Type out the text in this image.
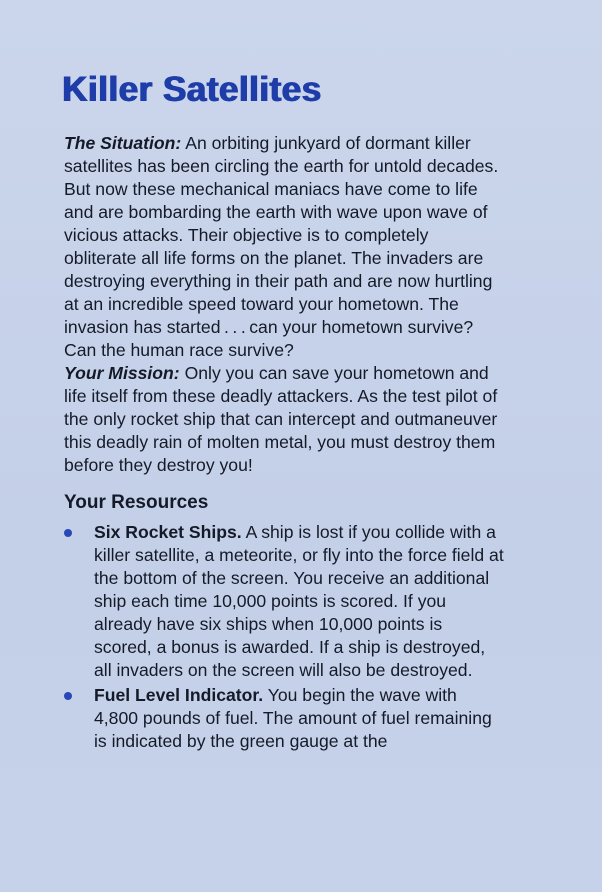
Killer Satellites

The Situation: An orbiting junkyard of dormant killer satellites has been circling the earth for untold decades. But now these mechanical maniacs have come to life and are bombarding the earth with wave upon wave of vicious attacks. Their objective is to completely obliterate all life forms on the planet. The invaders are destroying everything in their path and are now hurtling at an incredible speed toward your hometown. The invasion has started . . . can your hometown survive? Can the human race survive?

Your Mission: Only you can save your hometown and life itself from these deadly attackers. As the test pilot of the only rocket ship that can intercept and outmaneuver this deadly rain of molten metal, you must destroy them before they destroy you!

Your Resources
Six Rocket Ships. A ship is lost if you collide with a killer satellite, a meteorite, or fly into the force field at the bottom of the screen. You receive an additional ship each time 10,000 points is scored. If you already have six ships when 10,000 points is scored, a bonus is awarded. If a ship is destroyed, all invaders on the screen will also be destroyed.
Fuel Level Indicator. You begin the wave with 4,800 pounds of fuel. The amount of fuel remaining is indicated by the green gauge at the
